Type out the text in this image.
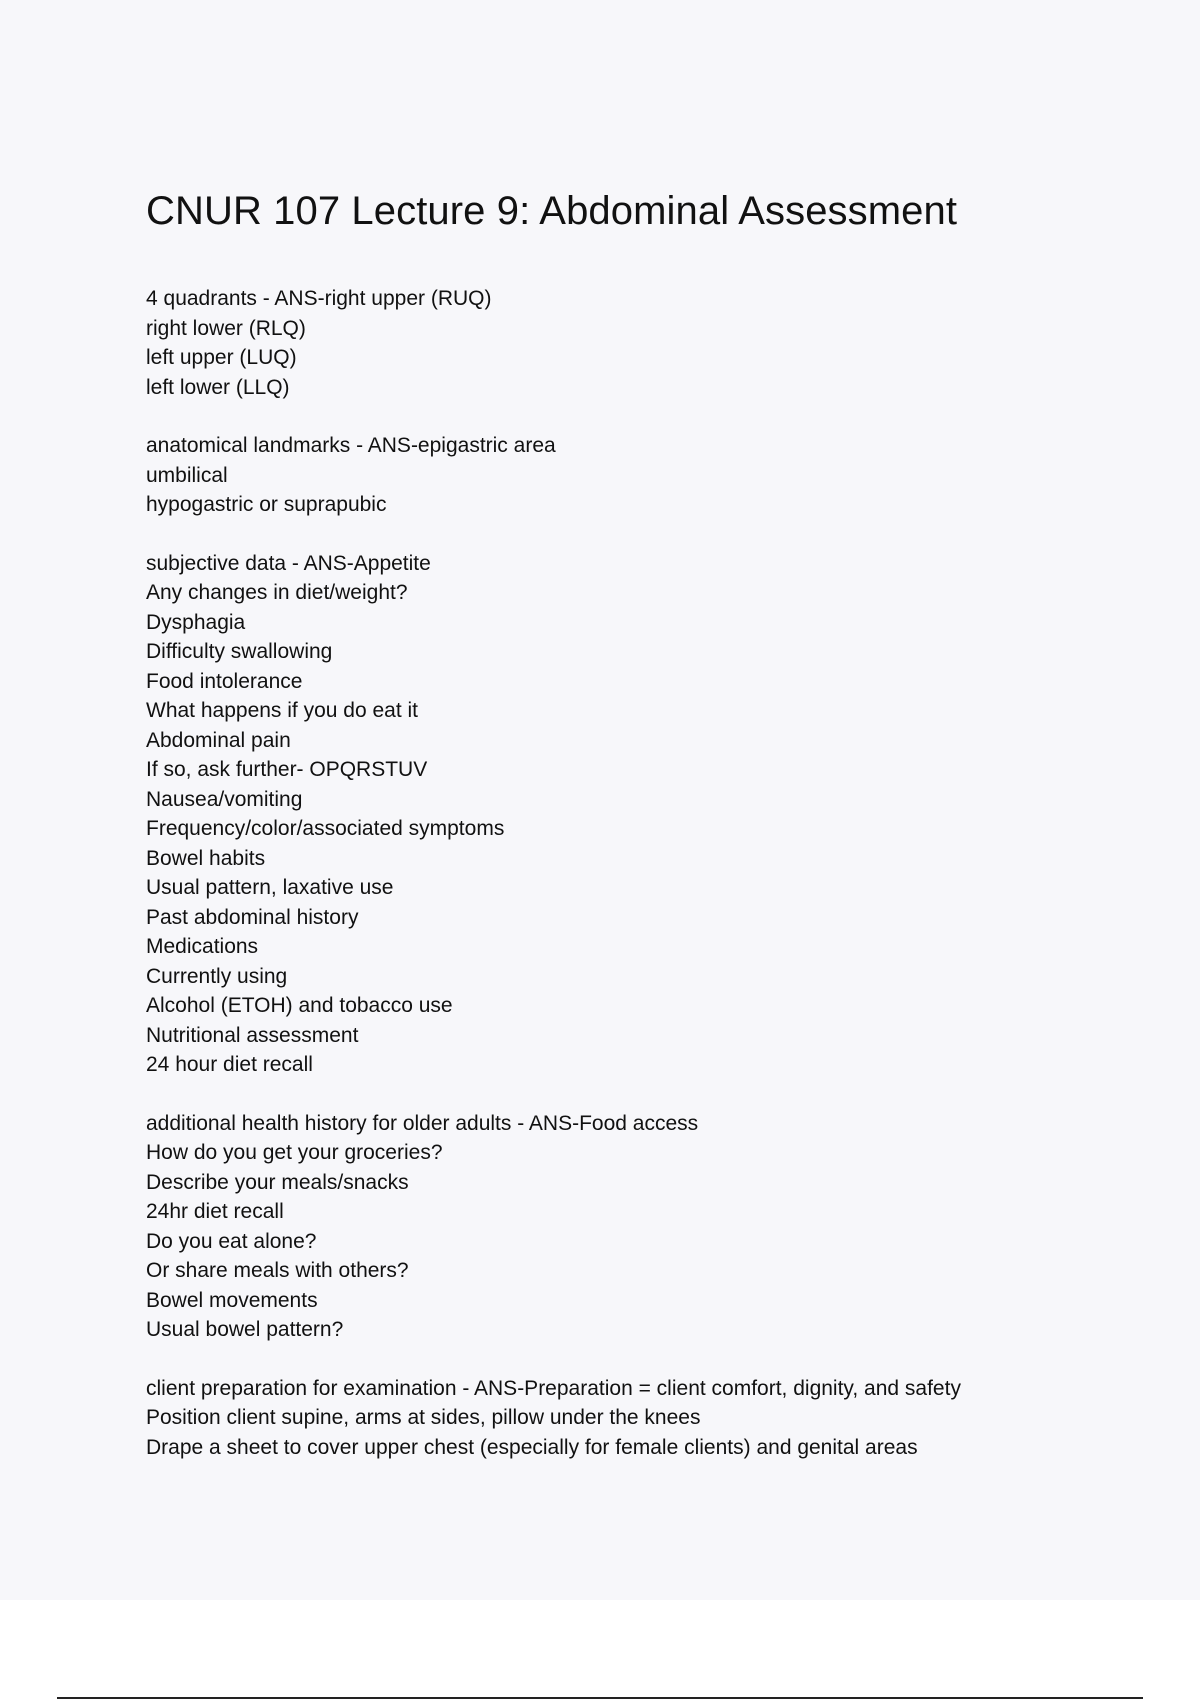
CNUR 107 Lecture 9: Abdominal Assessment
4 quadrants - ANS-right upper (RUQ)
right lower (RLQ)
left upper (LUQ)
left lower (LLQ)
anatomical landmarks - ANS-epigastric area
umbilical
hypogastric or suprapubic
subjective data - ANS-Appetite
Any changes in diet/weight?
Dysphagia
Difficulty swallowing
Food intolerance
What happens if you do eat it
Abdominal pain
If so, ask further- OPQRSTUV
Nausea/vomiting
Frequency/color/associated symptoms
Bowel habits
Usual pattern, laxative use
Past abdominal history
Medications
Currently using
Alcohol (ETOH) and tobacco use
Nutritional assessment
24 hour diet recall
additional health history for older adults - ANS-Food access
How do you get your groceries?
Describe your meals/snacks
24hr diet recall
Do you eat alone?
Or share meals with others?
Bowel movements
Usual bowel pattern?
client preparation for examination - ANS-Preparation = client comfort, dignity, and safety
Position client supine, arms at sides, pillow under the knees
Drape a sheet to cover upper chest (especially for female clients) and genital areas
